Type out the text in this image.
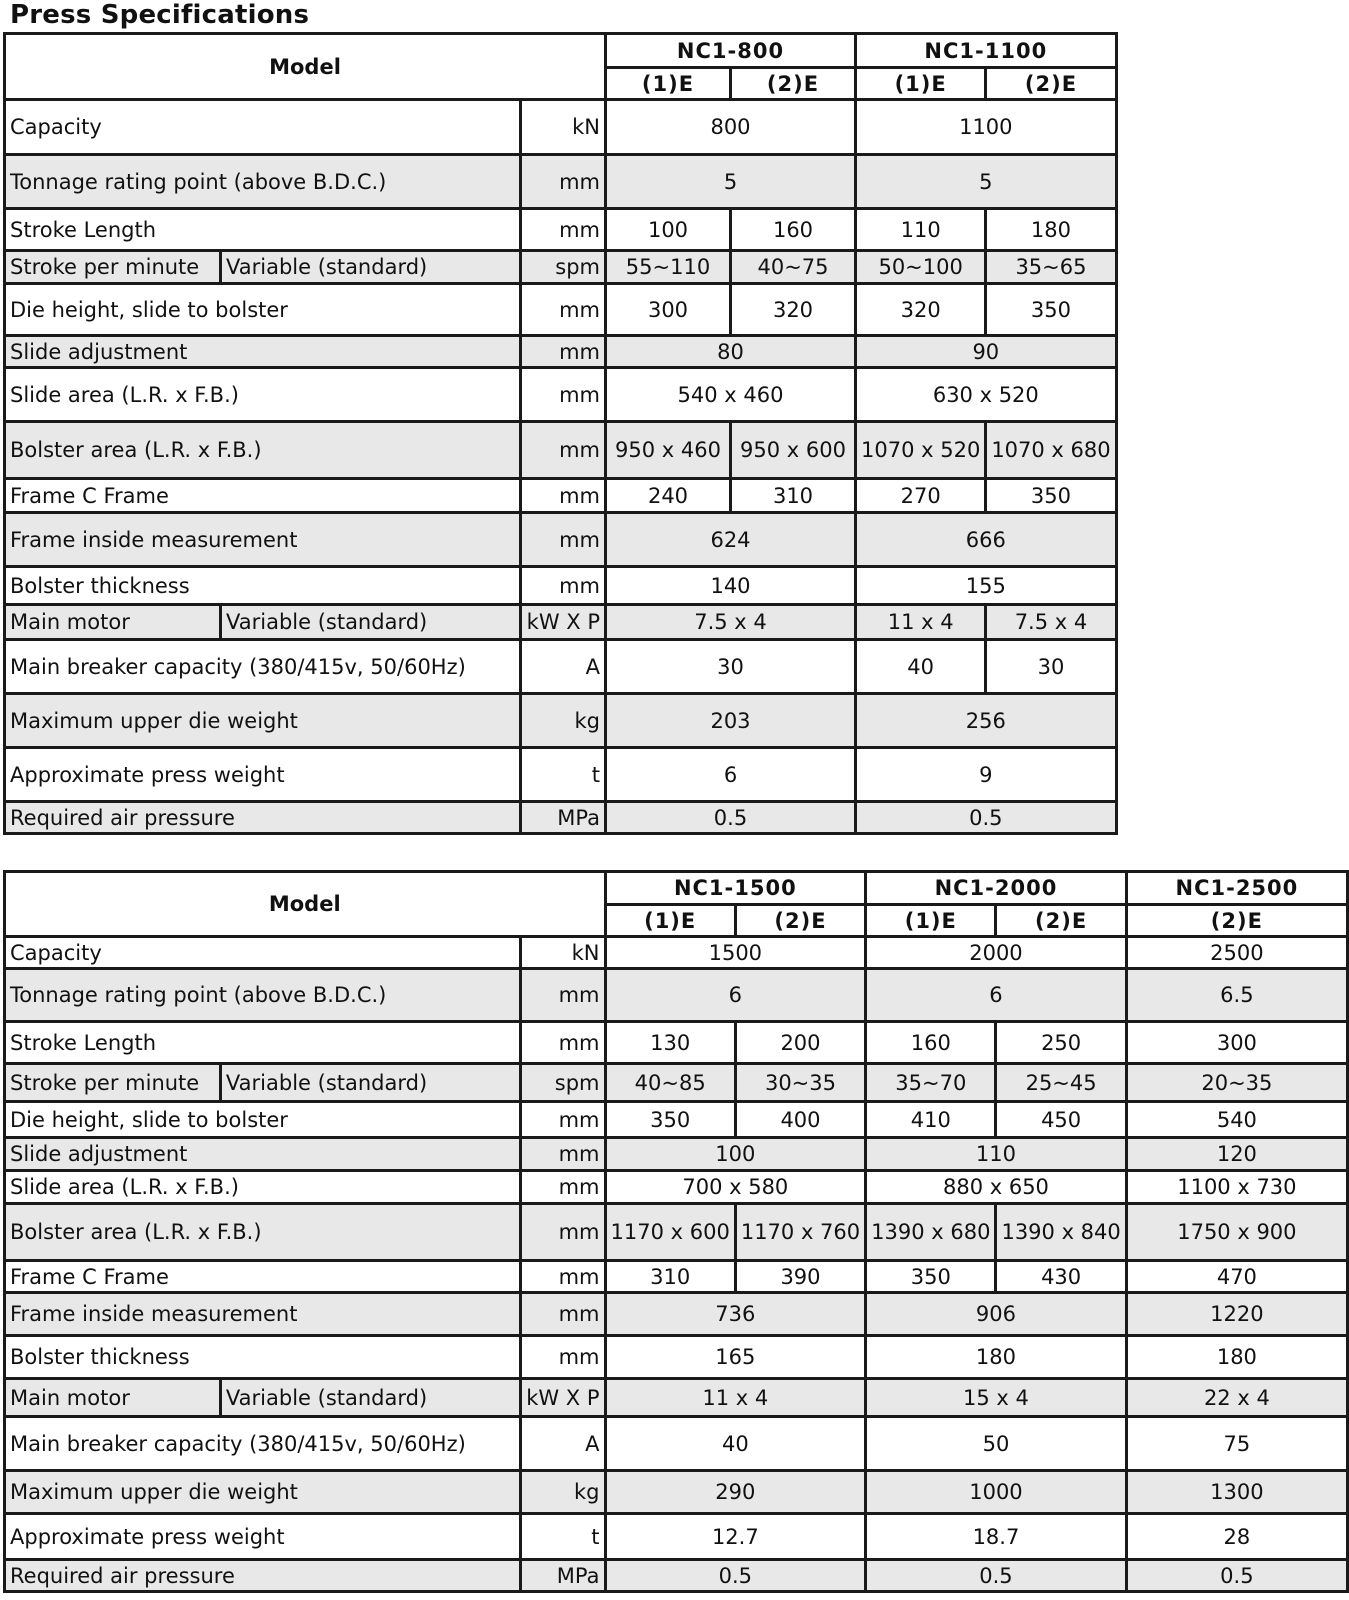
Press Specifications
Model			NC1-800		NC1-1100	
			(1)E	(2)E	(1)E	(2)E
Capacity		kN	800		1100	
Tonnage rating point (above B.D.C.)		mm	5		5	
Stroke Length		mm	100	160	110	180
Stroke per minute	Variable (standard)	spm	55~110	40~75	50~100	35~65
Die height, slide to bolster		mm	300	320	320	350
Slide adjustment		mm	80		90	
Slide area (L.R. x F.B.)		mm	540 x 460		630 x 520	
Bolster area (L.R. x F.B.)		mm	950 x 460	950 x 600	1070 x 520	1070 x 680
Frame C Frame		mm	240	310	270	350
Frame inside measurement		mm	624		666	
Bolster thickness		mm	140		155	
Main motor	Variable (standard)	kW X P	7.5 x 4		11 x 4	7.5 x 4
Main breaker capacity (380/415v, 50/60Hz)		A	30		40	30
Maximum upper die weight		kg	203		256	
Approximate press weight		t	6		9	
Required air pressure		MPa	0.5		0.5	
Model			NC1-1500		NC1-2000		NC1-2500
			(1)E	(2)E	(1)E	(2)E	(2)E
Capacity		kN	1500		2000		2500
Tonnage rating point (above B.D.C.)		mm	6		6		6.5
Stroke Length		mm	130	200	160	250	300
Stroke per minute	Variable (standard)	spm	40~85	30~35	35~70	25~45	20~35
Die height, slide to bolster		mm	350	400	410	450	540
Slide adjustment		mm	100		110		120
Slide area (L.R. x F.B.)		mm	700 x 580		880 x 650		1100 x 730
Bolster area (L.R. x F.B.)		mm	1170 x 600	1170 x 760	1390 x 680	1390 x 840	1750 x 900
Frame C Frame		mm	310	390	350	430	470
Frame inside measurement		mm	736		906		1220
Bolster thickness		mm	165		180		180
Main motor	Variable (standard)	kW X P	11 x 4		15 x 4		22 x 4
Main breaker capacity (380/415v, 50/60Hz)		A	40		50		75
Maximum upper die weight		kg	290		1000		1300
Approximate press weight		t	12.7		18.7		28
Required air pressure		MPa	0.5		0.5		0.5
